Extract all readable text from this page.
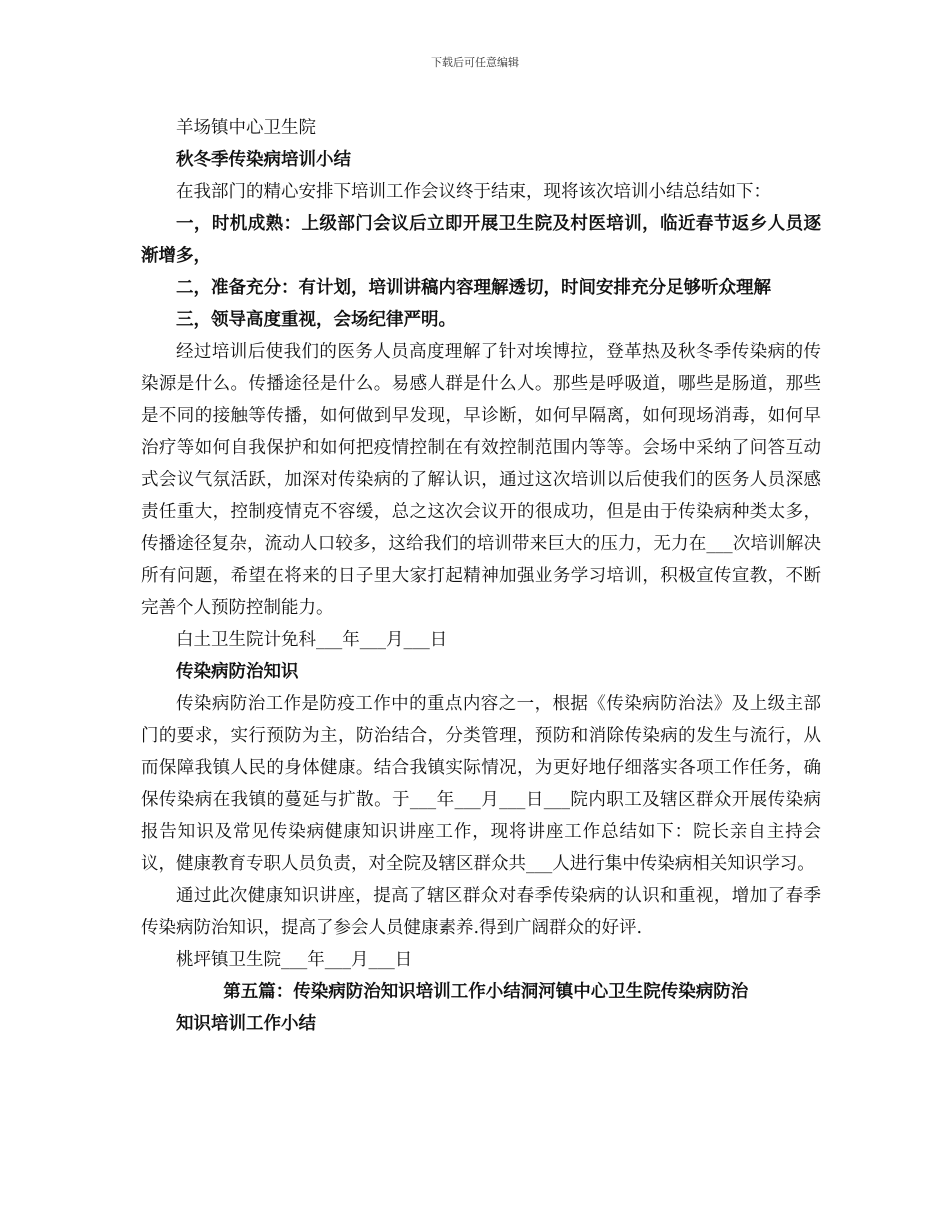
下载后可任意编辑

羊场镇中心卫生院

秋冬季传染病培训小结

在我部门的精心安排下培训工作会议终于结束，现将该次培训小结总结如下：

一，时机成熟：上级部门会议后立即开展卫生院及村医培训，临近春节返乡人员逐渐增多，

二，准备充分：有计划，培训讲稿内容理解透切，时间安排充分足够听众理解

三，领导高度重视，会场纪律严明。

经过培训后使我们的医务人员高度理解了针对埃博拉，登革热及秋冬季传染病的传染源是什么。传播途径是什么。易感人群是什么人。那些是呼吸道，哪些是肠道，那些是不同的接触等传播，如何做到早发现，早诊断，如何早隔离，如何现场消毒，如何早治疗等如何自我保护和如何把疫情控制在有效控制范围内等等。会场中采纳了问答互动式会议气氛活跃，加深对传染病的了解认识，通过这次培训以后使我们的医务人员深感责任重大，控制疫情克不容缓，总之这次会议开的很成功，但是由于传染病种类太多，传播途径复杂，流动人口较多，这给我们的培训带来巨大的压力，无力在___次培训解决所有问题，希望在将来的日子里大家打起精神加强业务学习培训，积极宣传宣教，不断完善个人预防控制能力。

白土卫生院计免科___年___月___日

传染病防治知识

传染病防治工作是防疫工作中的重点内容之一，根据《传染病防治法》及上级主部门的要求，实行预防为主，防治结合，分类管理，预防和消除传染病的发生与流行，从而保障我镇人民的身体健康。结合我镇实际情况，为更好地仔细落实各项工作任务，确保传染病在我镇的蔓延与扩散。于___年___月___日___院内职工及辖区群众开展传染病报告知识及常见传染病健康知识讲座工作，现将讲座工作总结如下：院长亲自主持会议，健康教育专职人员负责，对全院及辖区群众共___人进行集中传染病相关知识学习。

通过此次健康知识讲座，提高了辖区群众对春季传染病的认识和重视，增加了春季传染病防治知识，提高了参会人员健康素养.得到广阔群众的好评.

桃坪镇卫生院___年___月___日

第五篇：传染病防治知识培训工作小结洞河镇中心卫生院传染病防治

知识培训工作小结
